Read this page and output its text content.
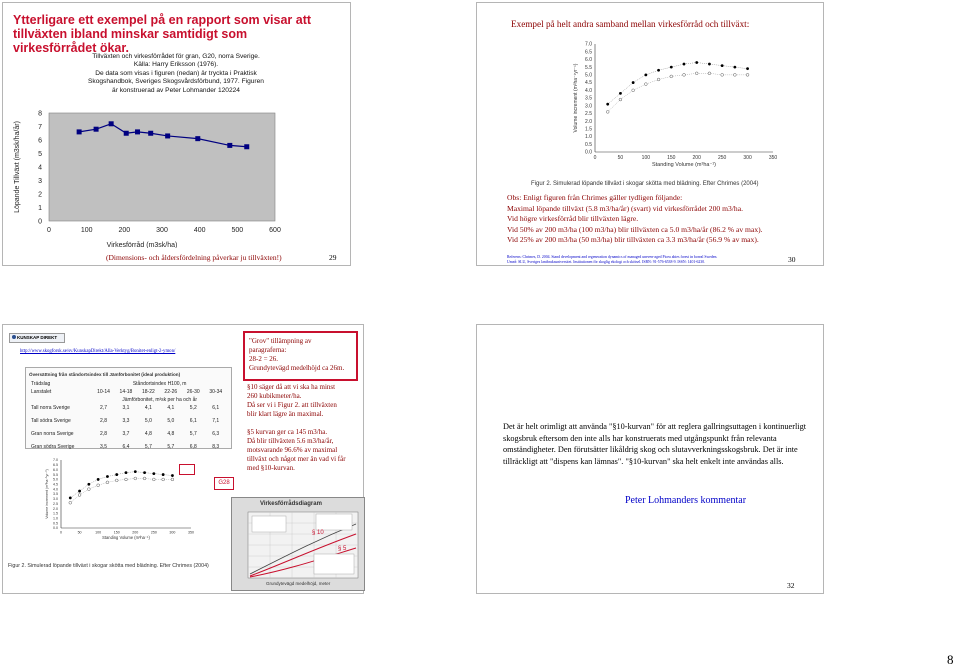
Ytterligare ett exempel på en rapport som visar att tillväxten ibland minskar samtidigt som virkesförrådet ökar.
Tillväxten och virkesförrådet för gran, G20, norra Sverige.
Källa: Harry Eriksson (1976).
De data som visas i figuren (nedan) är tryckta i Praktisk
Skogshandbok, Sveriges Skogsvårdsförbund, 1977. Figuren
är konstruerad av Peter Lohmander 120224
0
1
2
3
4
5
6
7
8
0	100	200	300	400	500	600
Löpande Tillväxt (m3sk/ha/år)
Virkesförråd (m3sk/ha)
(Dimensions- och åldersfördelning påverkar ju tillväxten!)	29
Exempel på helt andra samband mellan virkesförråd och tillväxt:
0.0
0.5
1.0
1.5
2.0
2.5
3.0
3.5
4.0
4.5
5.0
5.5
6.0
6.5
7.0
0	50	100	150	200	250	300	350
Volume increment (m³ha⁻¹yr⁻¹)
Standing Volume (m³ha⁻¹)
Figur 2. Simulerad löpande tillväxt i skogar skötta med blädning. Efter Chrimes (2004)
Obs: Enligt figuren från Chrimes gäller tydligen följande:
Maximal löpande tillväxt (5.8 m3/ha/år) (svart) vid virkesförrådet 200 m3/ha.
Vid högre virkesförråd blir tillväxten lägre.
Vid 50% av 200 m3/ha (100 m3/ha) blir tillväxten ca 5.0 m3/ha/år (86.2 % av max).
Vid 25% av 200 m3/ha (50 m3/ha) blir tillväxten ca 3.3 m3/ha/år (56.9 % av max).
Referens: Chrimes, D. 2004. Stand development and regeneration dynamics of managed uneven-aged Picea abies forest in boreal Sweden.
Umeå: SLU, Sveriges lantbruksuniversitet. Institutionen för skoglig ekologi och skötsel. ISBN: 91-576-6538-9. ISSN: 1401-6230.	30
KUNSKAP DIREKT
http://www.skogforsk.se/sv/KunskapDirekt/Alla-Verktyg/Bonitet-enligt-2-ymon/
Översättning från ståndortsindex till Jämförbonitet (ideal produktion)
Trädslag	Ståndortsindex H100, m					
Lanstalet	10-14	14-18	18-22	22-26	26-30	30-34
	Jämförbonitet, m³sk per ha och år					
Tall norra Sverige	2,7	3,1	4,1	4,1	5,2	6,1
Tall södra Sverige	2,8	3,3	5,0	5,0	6,1	7,1
Gran norra Sverige	2,8	3,7	4,8	4,8	5,7	6,3
Gran södra Sverige	3,5	6,4	5,7	5,7	6,8	8,3
0.0
0.5
1.0
1.5
2.0
2.5
3.0
3.5
4.0
4.5
5.0
5.5
6.0
6.5
7.0
0	50	100	150	200	250	300	350
Volume increment (m³ha⁻¹yr⁻¹)
Standing Volume (m³ha⁻¹)
Figur 2. Simulerad löpande tillväxt i skogar skötta med blädning. Efter Chrimes (2004)
G28
"Grov" tillämpning av
paragraferna:
28-2 = 26.
Grundytevägd medelhöjd ca 26m.
§10 säger då att vi ska ha minst
260 kubikmeter/ha.
Då ser vi i Figur 2. att tillväxten
blir klart lägre än maximal.
§5 kurvan ger ca 145 m3/ha.
Då blir tillväxten 5.6 m3/ha/år,
motsvarande 96.6% av maximal
tillväxt och något mer än vad vi får
med §10-kurvan.
Virkesförrådsdiagram
§ 10
§ 5
Grundytevägd medelhöjd, meter
Det är helt orimligt att använda "§10-kurvan" för att reglera gallringsuttagen i kontinuerligt skogsbruk eftersom den inte alls har konstruerats med utgångspunkt från relevanta omständigheter. Den förutsätter likåldrig skog och slutavverkningsskogsbruk. Det är inte tillräckligt att "dispens kan lämnas". "§10-kurvan" ska helt enkelt inte användas alls.
Peter Lohmanders kommentar
32
8
